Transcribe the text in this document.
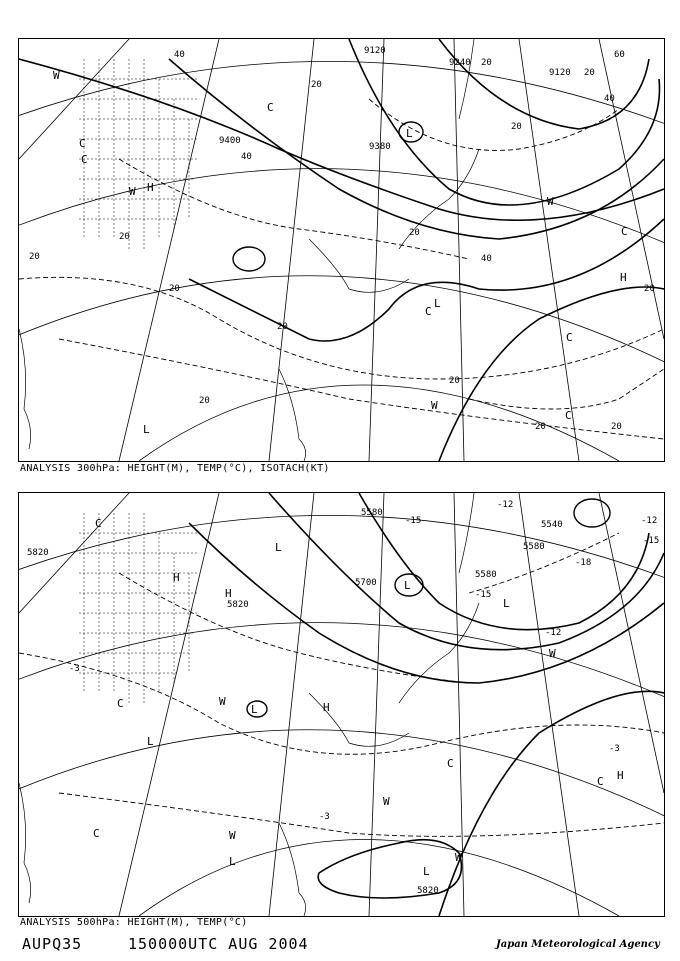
9120
9240
9400
9120
9380
40
20
40
20
60
40
20
20
40
20
20
20
20
20
20
20	20
20
20
W
C
W H
C
C
L
L
C
W
C
H
W
C
L
C
ANALYSIS 300hPa: HEIGHT(M), TEMP(°C), ISOTACH(KT)
5820
5820
5700
5580
5580
5540
5580
-12
-15	-12
-15
-18
-12
-15
-3
-3
-3
5820
C
H
L
H
C
L
W
L
L
C
H
W
L
W
C
H
W
C
L	W
L
ANALYSIS 500hPa: HEIGHT(M), TEMP(°C)
AUPQ35	150000UTC AUG 2004	Japan Meteorological Agency
